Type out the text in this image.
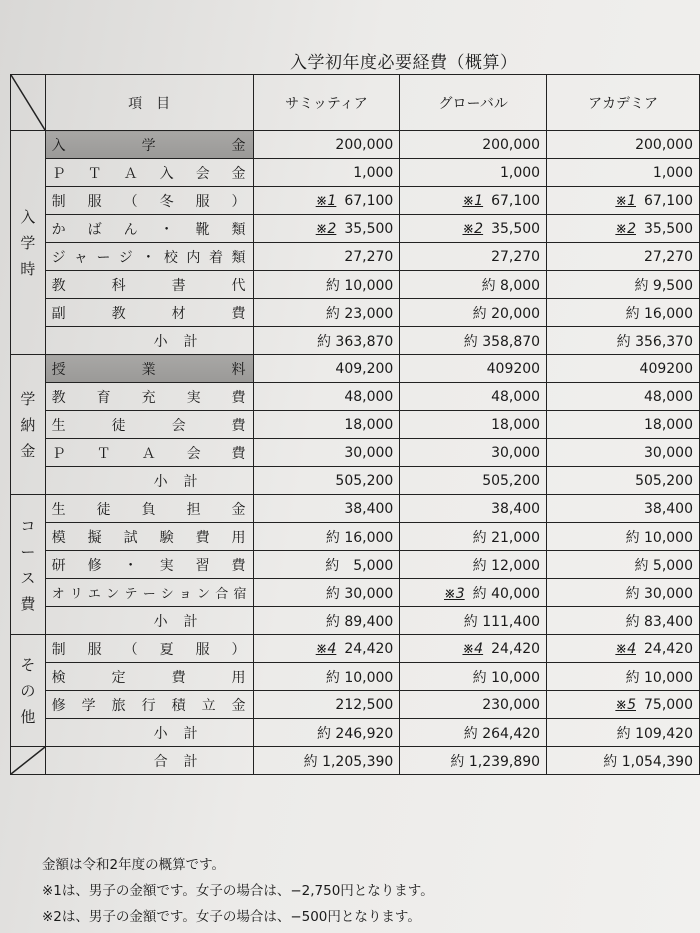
入学初年度必要経費（概算）
	項　目	サミッティア	グローバル	アカデミア

入
学
時	入学金	200,000	200,000	200,000
	ＰＴＡ入会金	1,000	1,000	1,000
	制服（冬服）	※1 67,100	※1 67,100	※1 67,100
	かばん・靴類	※2 35,500	※2 35,500	※2 35,500
	ジャージ・校内着類	27,270	27,270	27,270
	教科書代	約 10,000	約 8,000	約 9,500
	副教材費	約 23,000	約 20,000	約 16,000
	小　計	約 363,870	約 358,870	約 356,370

学
納
金	授業料	409,200	409200	409200
	教育充実費	48,000	48,000	48,000
	生徒会費	18,000	18,000	18,000
	ＰＴＡ会費	30,000	30,000	30,000
	小　計	505,200	505,200	505,200

コ
ー
ス
費	生徒負担金	38,400	38,400	38,400
	模擬試験費用	約 16,000	約 21,000	約 10,000
	研修・実習費	約　5,000	約 12,000	約 5,000
	オリエンテーション合宿	約 30,000	※3 約 40,000	約 30,000
	小　計	約 89,400	約 111,400	約 83,400

そ
の
他	制服（夏服）	※4 24,420	※4 24,420	※4 24,420
	検定費用	約 10,000	約 10,000	約 10,000
	修学旅行積立金	212,500	230,000	※5 75,000
	小　計	約 246,920	約 264,420	約 109,420

	合　計	約 1,205,390	約 1,239,890	約 1,054,390
金額は令和2年度の概算です。
※1は、男子の金額です。女子の場合は、−2,750円となります。
※2は、男子の金額です。女子の場合は、−500円となります。
